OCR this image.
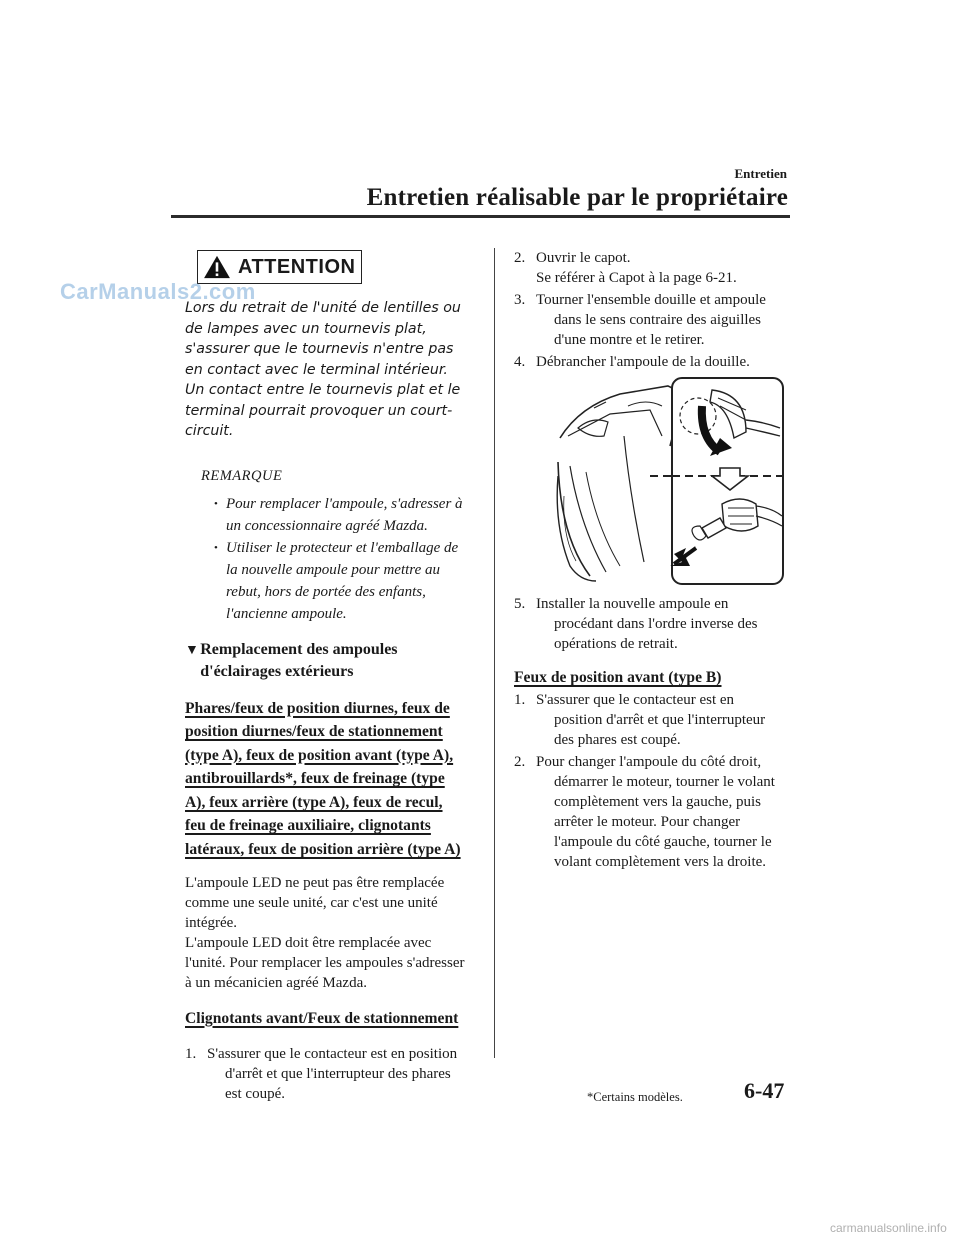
Entretien
Entretien réalisable par le propriétaire
ATTENTION
Lors du retrait de l'unité de lentilles ou de lampes avec un tournevis plat, s'assurer que le tournevis n'entre pas en contact avec le terminal intérieur. Un contact entre le tournevis plat et le terminal pourrait provoquer un court-circuit.
REMARQUE
• Pour remplacer l'ampoule, s'adresser à un concessionnaire agréé Mazda.
• Utiliser le protecteur et l'emballage de la nouvelle ampoule pour mettre au rebut, hors de portée des enfants, l'ancienne ampoule.
▼ Remplacement des ampoules d'éclairages extérieurs
Phares/feux de position diurnes, feux de position diurnes/feux de stationnement (type A), feux de position avant (type A), antibrouillards*, feux de freinage (type A), feux arrière (type A), feux de recul, feu de freinage auxiliaire, clignotants latéraux, feux de position arrière (type A)
L'ampoule LED ne peut pas être remplacée comme une seule unité, car c'est une unité intégrée.
L'ampoule LED doit être remplacée avec l'unité. Pour remplacer les ampoules s'adresser à un mécanicien agréé Mazda.
Clignotants avant/Feux de stationnement
1. S'assurer que le contacteur est en position d'arrêt et que l'interrupteur des phares est coupé.
CarManuals2.com
2. Ouvrir le capot.
Se référer à Capot à la page 6-21.
3. Tourner l'ensemble douille et ampoule dans le sens contraire des aiguilles d'une montre et le retirer.
4. Débrancher l'ampoule de la douille.
5. Installer la nouvelle ampoule en procédant dans l'ordre inverse des opérations de retrait.
Feux de position avant (type B)
1. S'assurer que le contacteur est en position d'arrêt et que l'interrupteur des phares est coupé.
2. Pour changer l'ampoule du côté droit, démarrer le moteur, tourner le volant complètement vers la gauche, puis arrêter le moteur. Pour changer l'ampoule du côté gauche, tourner le volant complètement vers la droite.
*Certains modèles.	6-47
carmanualsonline.info
